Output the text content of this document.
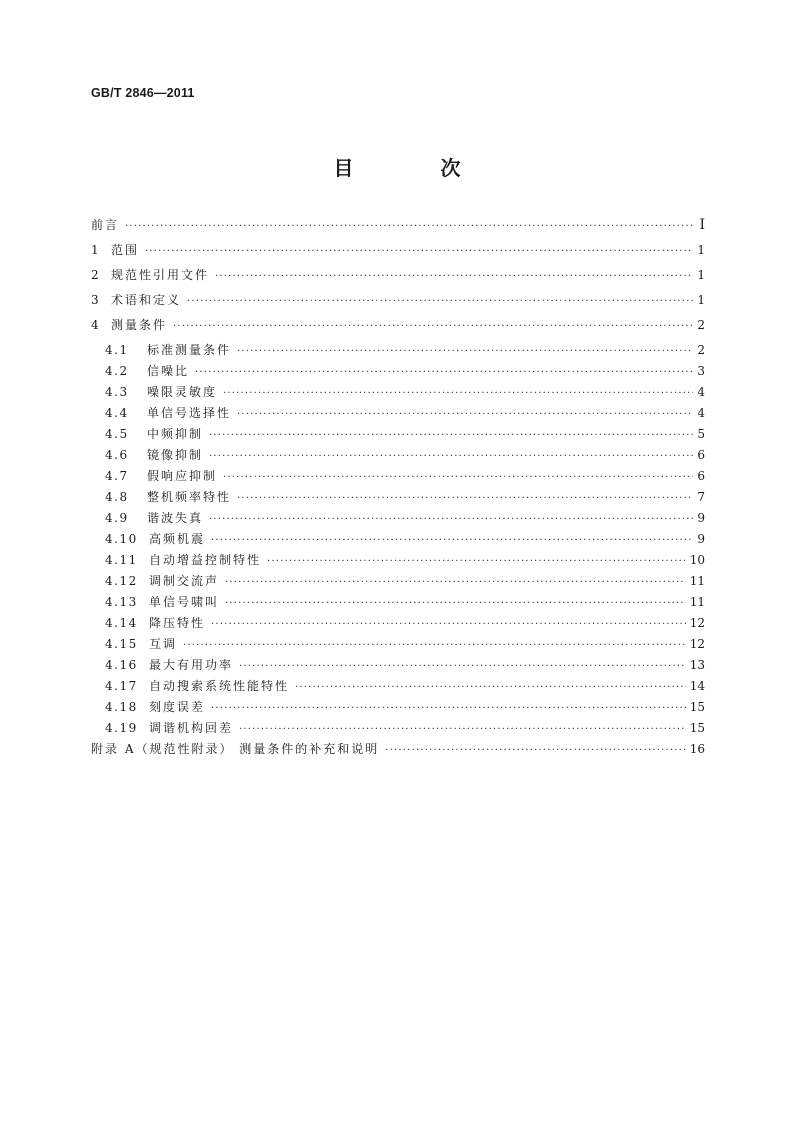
GB/T 2846—2011
目 次
前言 ·····	Ⅰ
1 范围 ·····	1
2 规范性引用文件 ·····	1
3 术语和定义 ·····	1
4 测量条件 ·····	2
4.1	标准测量条件 ·····	2
4.2	信噪比 ·····	3
4.3	噪限灵敏度 ·····	4
4.4	单信号选择性 ·····	4
4.5	中频抑制 ·····	5
4.6	镜像抑制 ·····	6
4.7	假响应抑制 ·····	6
4.8	整机频率特性 ·····	7
4.9	谐波失真 ·····	9
4.10 高频机震 ·····	9
4.11 自动增益控制特性 ·····	10
4.12 调制交流声 ·····	11
4.13 单信号啸叫 ·····	11
4.14 降压特性 ·····	12
4.15 互调 ·····	12
4.16 最大有用功率 ·····	13
4.17 自动搜索系统性能特性 ·····	14
4.18 刻度误差 ·····	15
4.19 调谐机构回差 ·····	15
附录 A（规范性附录） 测量条件的补充和说明 ·····	16
